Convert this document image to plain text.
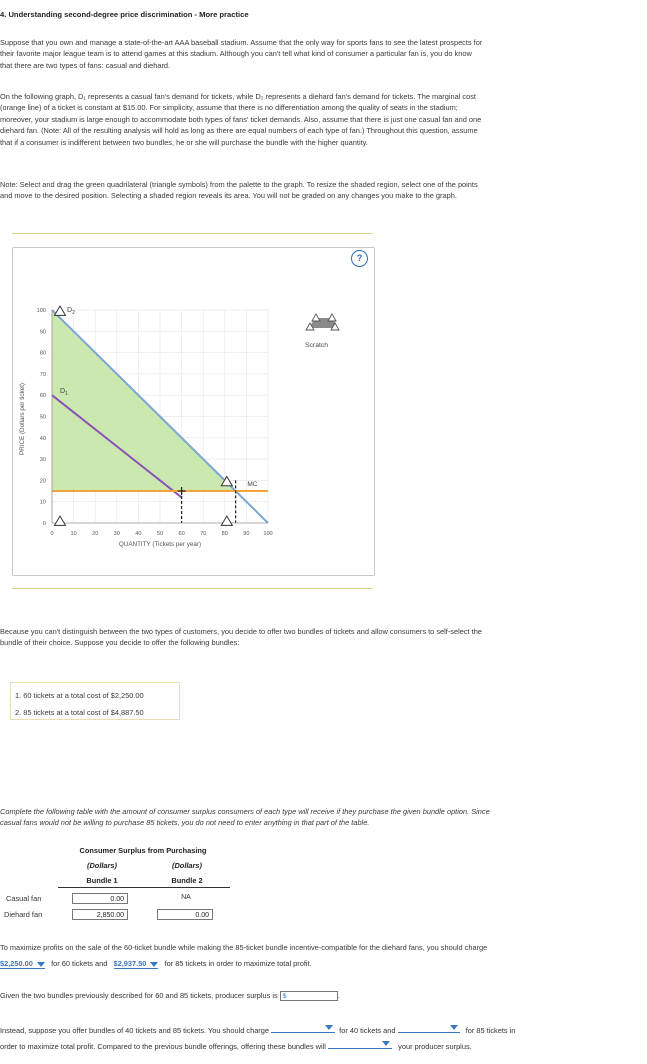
4. Understanding second-degree price discrimination - More practice

Suppose that you own and manage a state-of-the-art AAA baseball stadium. Assume that the only way for sports fans to see the latest prospects for

their favorite major league team is to attend games at this stadium. Although you can't tell what kind of consumer a particular fan is, you do know

that there are two types of fans: casual and diehard.

On the following graph, D₁ represents a casual fan's demand for tickets, while D₂ represents a diehard fan's demand for tickets. The marginal cost

(orange line) of a ticket is constant at $15.00. For simplicity, assume that there is no differentiation among the quality of seats in the stadium;

moreover, your stadium is large enough to accommodate both types of fans' ticket demands. Also, assume that there is just one casual fan and one

diehard fan. (Note: All of the resulting analysis will hold as long as there are equal numbers of each type of fan.) Throughout this question, assume

that if a consumer is indifferent between two bundles, he or she will purchase the bundle with the higher quantity.

Note: Select and drag the green quadrilateral (triangle symbols) from the palette to the graph. To resize the shaded region, select one of the points

and move to the desired position. Selecting a shaded region reveals its area. You will not be graded on any changes you make to the graph.

?
0
10
20
30
40
50
60
70
80
90
100
0	10	20	30	40	50	60	70	80	90 100
$D_2$
$D_1$
MC
PRICE (Dollars per ticket)
QUANTITY (Tickets per year)
Scratch

Because you can't distinguish between the two types of customers, you decide to offer two bundles of tickets and allow consumers to self-select the

bundle of their choice. Suppose you decide to offer the following bundles:

1. 60 tickets at a total cost of $2,250.00
2. 85 tickets at a total cost of $4,887.50

Complete the following table with the amount of consumer surplus consumers of each type will receive if they purchase the given bundle option. Since

casual fans would not be willing to purchase 85 tickets, you do not need to enter anything in that part of the table.

Consumer Surplus from Purchasing
(Dollars)	(Dollars)
Bundle 1	Bundle 2
Casual fan	0.00	NA
Diehard fan	2,850.00	0.00

To maximize profits on the sale of the 60-ticket bundle while making the 85-ticket bundle incentive-compatible for the diehard fans, you should charge

$2,250.00 for 60 tickets and $2,937.50 for 85 tickets in order to maximize total profit.
Given the two bundles previously described for 60 and 85 tickets, producer surplus is $	.
Instead, suppose you offer bundles of 40 tickets and 85 tickets. You should charge	for 40 tickets and	for 85 tickets in
order to maximize total profit. Compared to the previous bundle offerings, offering these bundles will	your producer surplus.
